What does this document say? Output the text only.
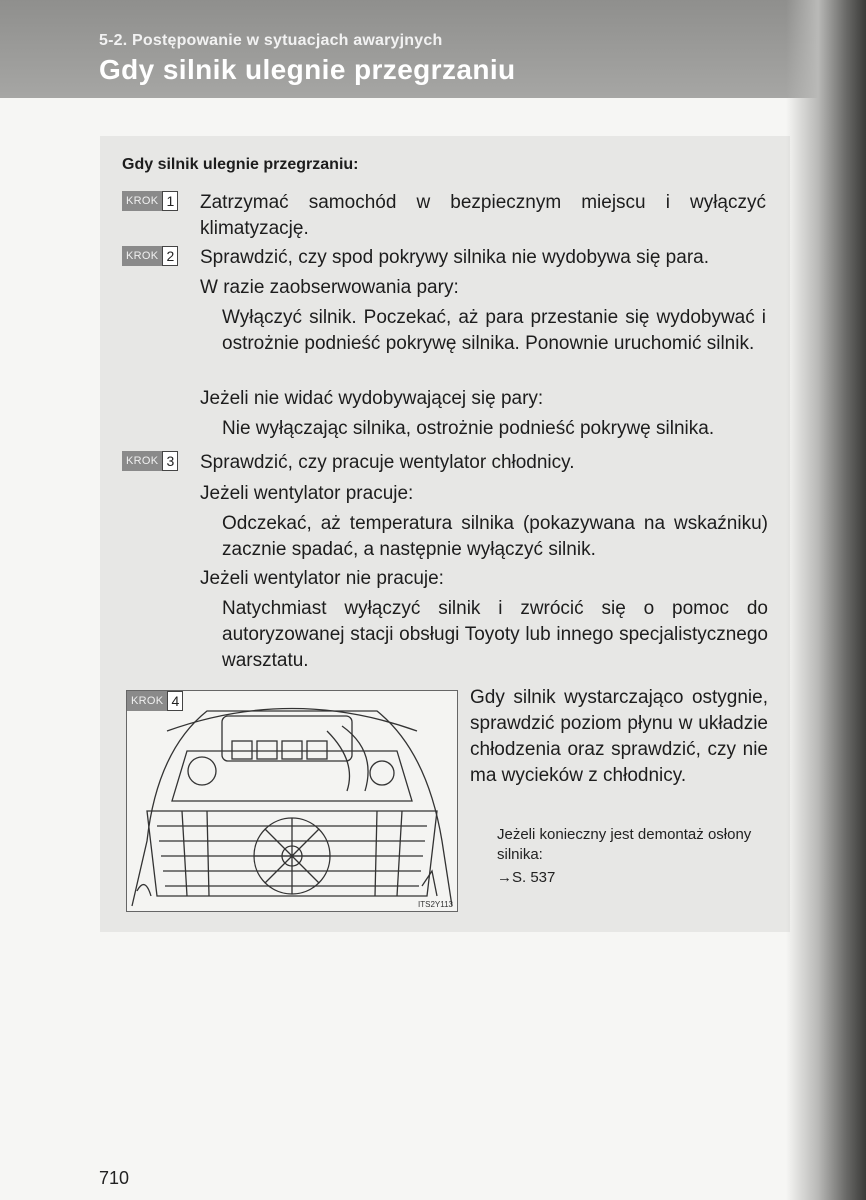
5-2. Postępowanie w sytuacjach awaryjnych
Gdy silnik ulegnie przegrzaniu
Gdy silnik ulegnie przegrzaniu:
KROK 1 Zatrzymać samochód w bezpiecznym miejscu i wyłączyć klimatyzację.
KROK 2 Sprawdzić, czy spod pokrywy silnika nie wydobywa się para.
W razie zaobserwowania pary:
Wyłączyć silnik. Poczekać, aż para przestanie się wydobywać i ostrożnie podnieść pokrywę silnika. Ponownie uruchomić silnik.
Jeżeli nie widać wydobywającej się pary:
Nie wyłączając silnika, ostrożnie podnieść pokrywę silnika.
KROK 3 Sprawdzić, czy pracuje wentylator chłodnicy.
Jeżeli wentylator pracuje:
Odczekać, aż temperatura silnika (pokazywana na wskaźniku) zacznie spadać, a następnie wyłączyć silnik.
Jeżeli wentylator nie pracuje:
Natychmiast wyłączyć silnik i zwrócić się o pomoc do autoryzowanej stacji obsługi Toyoty lub innego specjalistycznego warsztatu.
KROK 4
ITS2Y113
Gdy silnik wystarczająco ostygnie, sprawdzić poziom płynu w układzie chłodzenia oraz sprawdzić, czy nie ma wycieków z chłodnicy.
Jeżeli konieczny jest demontaż osłony silnika:
→S. 537
710
